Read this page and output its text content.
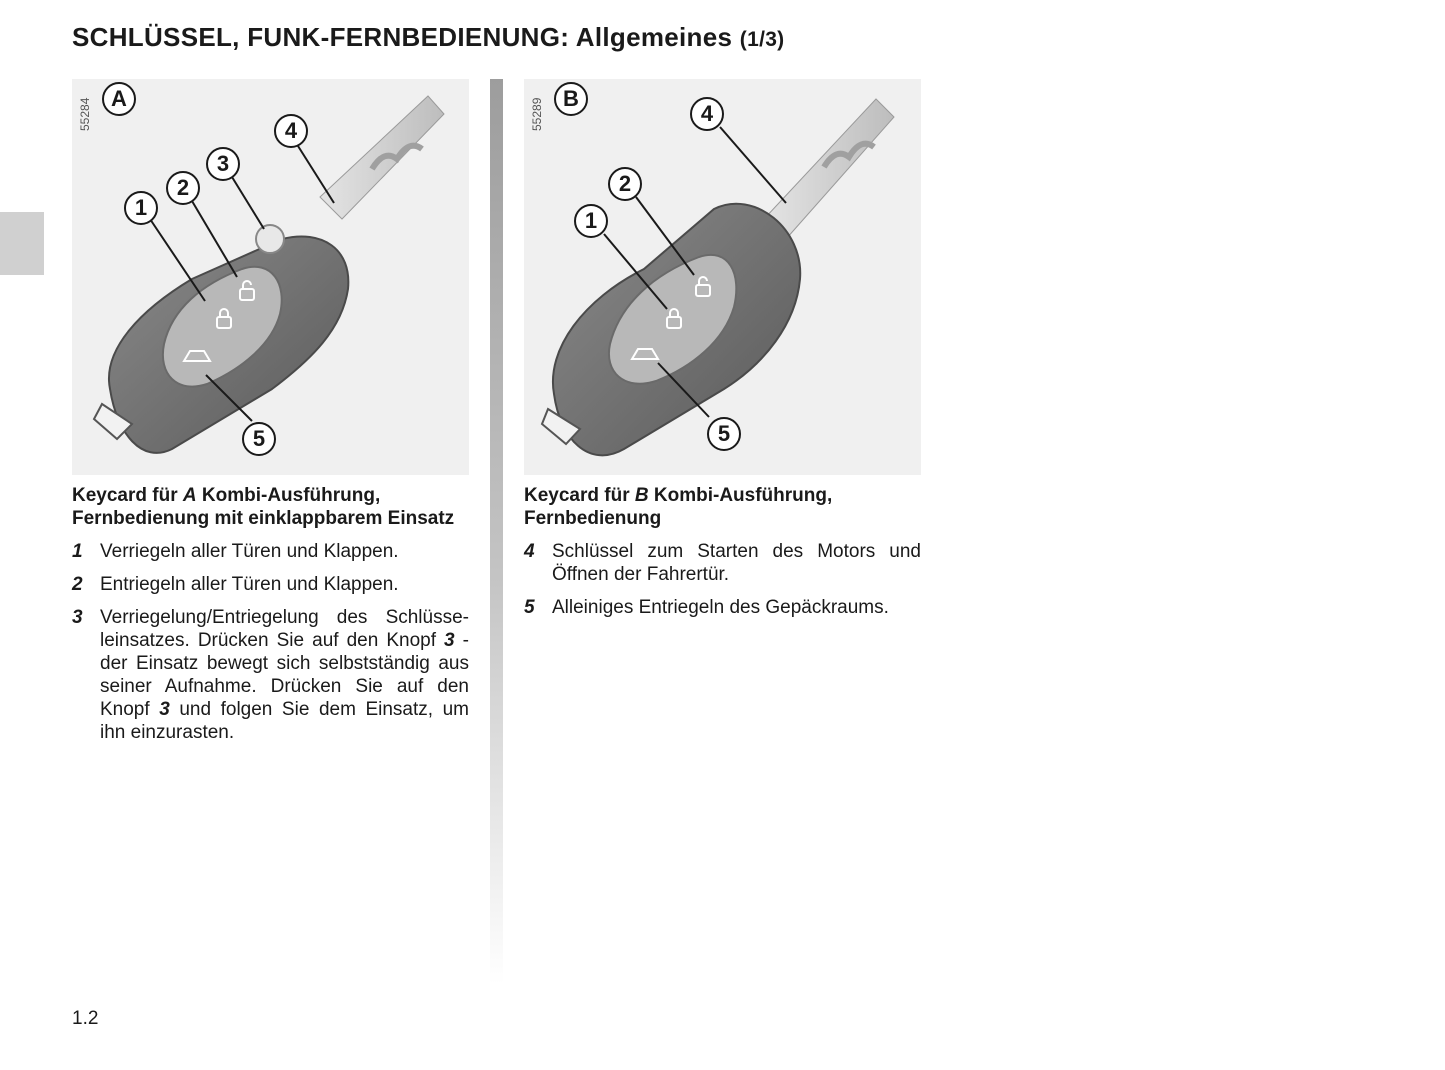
SCHLÜSSEL, FUNK-FERNBEDIENUNG: Allgemeines (1/3)
55284 A
1
2
3
4
5
55289 B
1
2
4
5

Keycard für A Kombi-Ausführung, Fernbedienung mit einklappbarem Einsatz

1 Verriegeln aller Türen und Klappen.
2 Entriegeln aller Türen und Klappen.
3 Verriegelung/Entriegelung des Schlüsseleinsatzes. Drücken Sie auf den Knopf 3 - der Einsatz bewegt sich selbstständig aus seiner Aufnahme. Drücken Sie auf den Knopf 3 und folgen Sie dem Einsatz, um ihn einzurasten.

Keycard für B Kombi-Ausführung, Fernbedienung

4 Schlüssel zum Starten des Motors und Öffnen der Fahrertür.
5 Alleiniges Entriegeln des Gepäckraums.
1.2
